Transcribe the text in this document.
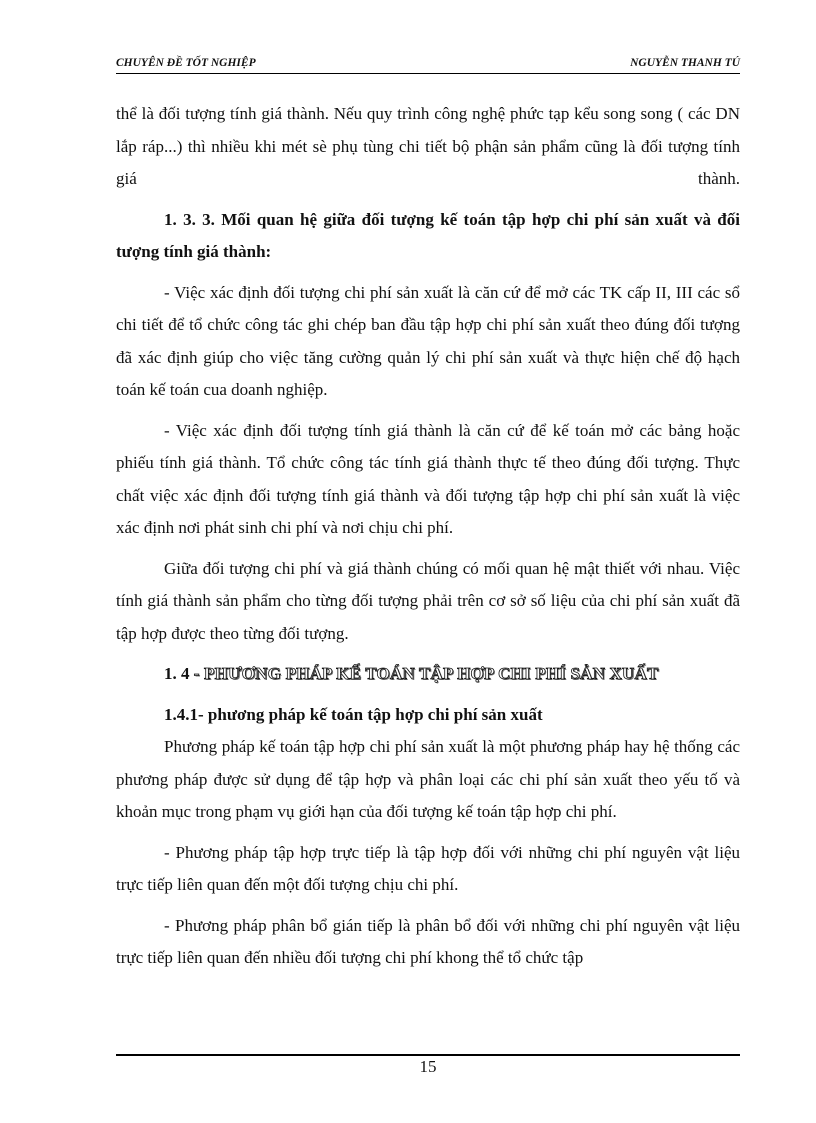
CHUYÊN ĐỀ TỐT NGHIỆP	NGUYỄN THANH TÚ

thể là đối tượng tính giá thành. Nếu quy trình công nghệ phức tạp kểu song song ( các DN lắp ráp...) thì nhiều khi mét sè phụ tùng chi tiết bộ phận sản phẩm cũng là đối tượng tính giá thành.

1. 3. 3. Mối quan hệ giữa đối tượng kế toán tập hợp chi phí sản xuất và đối tượng tính giá thành:

- Việc xác định đối tượng chi phí sản xuất là căn cứ để mở các TK cấp II, III các sổ chi tiết để tổ chức công tác ghi chép ban đầu tập hợp chi phí sản xuất theo đúng đối tượng đã xác định giúp cho việc tăng cường quản lý chi phí sản xuất và thực hiện chế độ hạch toán kế toán cua doanh nghiệp.

- Việc xác định đối tượng tính giá thành là căn cứ để kế toán mở các bảng hoặc phiếu tính giá thành. Tổ chức công tác tính giá thành thực tế theo đúng đối tượng. Thực chất việc xác định đối tượng tính giá thành và đối tượng tập hợp chi phí sản xuất là việc xác định nơi phát sinh chi phí và nơi chịu chi phí.

Giữa đối tượng chi phí và giá thành chúng có mối quan hệ mật thiết với nhau. Việc tính giá thành sản phẩm cho từng đối tượng phải trên cơ sở số liệu của chi phí sản xuất đã tập hợp được theo từng đối tượng.

1. 4 - PHƯƠNG PHÁP KẾ TOÁN TẬP HỢP CHI PHÍ SẢN XUẤT

1.4.1- phương pháp kế toán tập hợp chi phí sản xuất

Phương pháp kế toán tập hợp chi phí sản xuất là một phương pháp hay hệ thống các phương pháp được sử dụng để tập hợp và phân loại các chi phí sản xuất theo yếu tố và khoản mục trong phạm vụ giới hạn của đối tượng kế toán tập hợp chi phí.

- Phương pháp tập hợp trực tiếp là tập hợp đối với những chi phí nguyên vật liệu trực tiếp liên quan đến một đối tượng chịu chi phí.

- Phương pháp phân bổ gián tiếp là phân bổ đối với những chi phí nguyên vật liệu trực tiếp liên quan đến nhiều đối tượng chi phí khong thể tổ chức tập

15
